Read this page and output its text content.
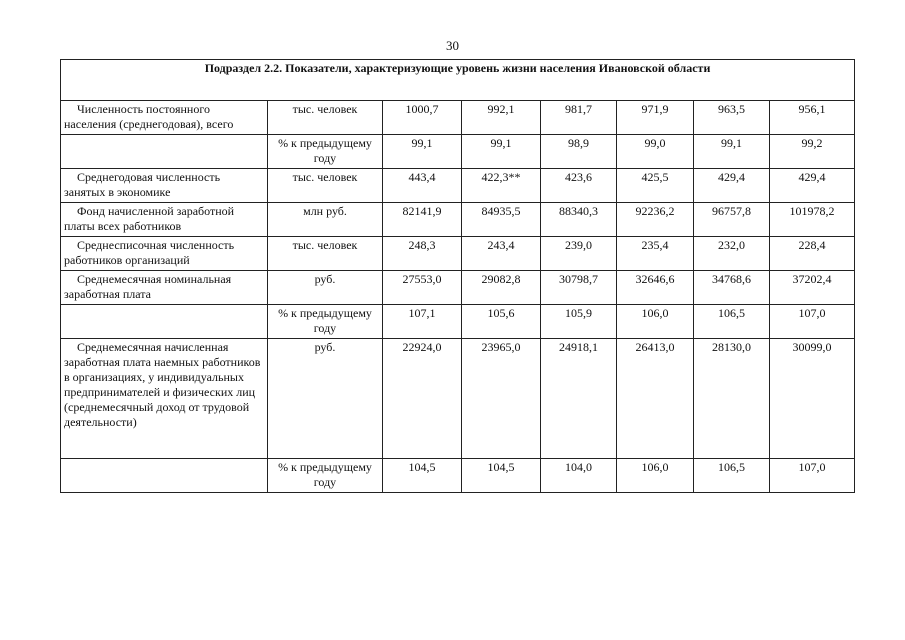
30
Подраздел 2.2. Показатели, характеризующие уровень жизни населения Ивановской области							
Численность постоянного населения (среднегодовая), всего	тыс. человек	1000,7	992,1	981,7	971,9	963,5	956,1
	% к предыдущему году	99,1	99,1	98,9	99,0	99,1	99,2
Среднегодовая численность занятых в экономике	тыс. человек	443,4	422,3**	423,6	425,5	429,4	429,4
Фонд начисленной заработной платы всех работников	млн руб.	82141,9	84935,5	88340,3	92236,2	96757,8	101978,2
Среднесписочная численность работников организаций	тыс. человек	248,3	243,4	239,0	235,4	232,0	228,4
Среднемесячная номинальная заработная плата	руб.	27553,0	29082,8	30798,7	32646,6	34768,6	37202,4
	% к предыдущему году	107,1	105,6	105,9	106,0	106,5	107,0
Среднемесячная начисленная заработная плата наемных работников в организациях, у индивидуальных предпринимателей и физических лиц (среднемесячный доход от трудовой деятельности)	руб.	22924,0	23965,0	24918,1	26413,0	28130,0	30099,0
	% к предыдущему году	104,5	104,5	104,0	106,0	106,5	107,0
